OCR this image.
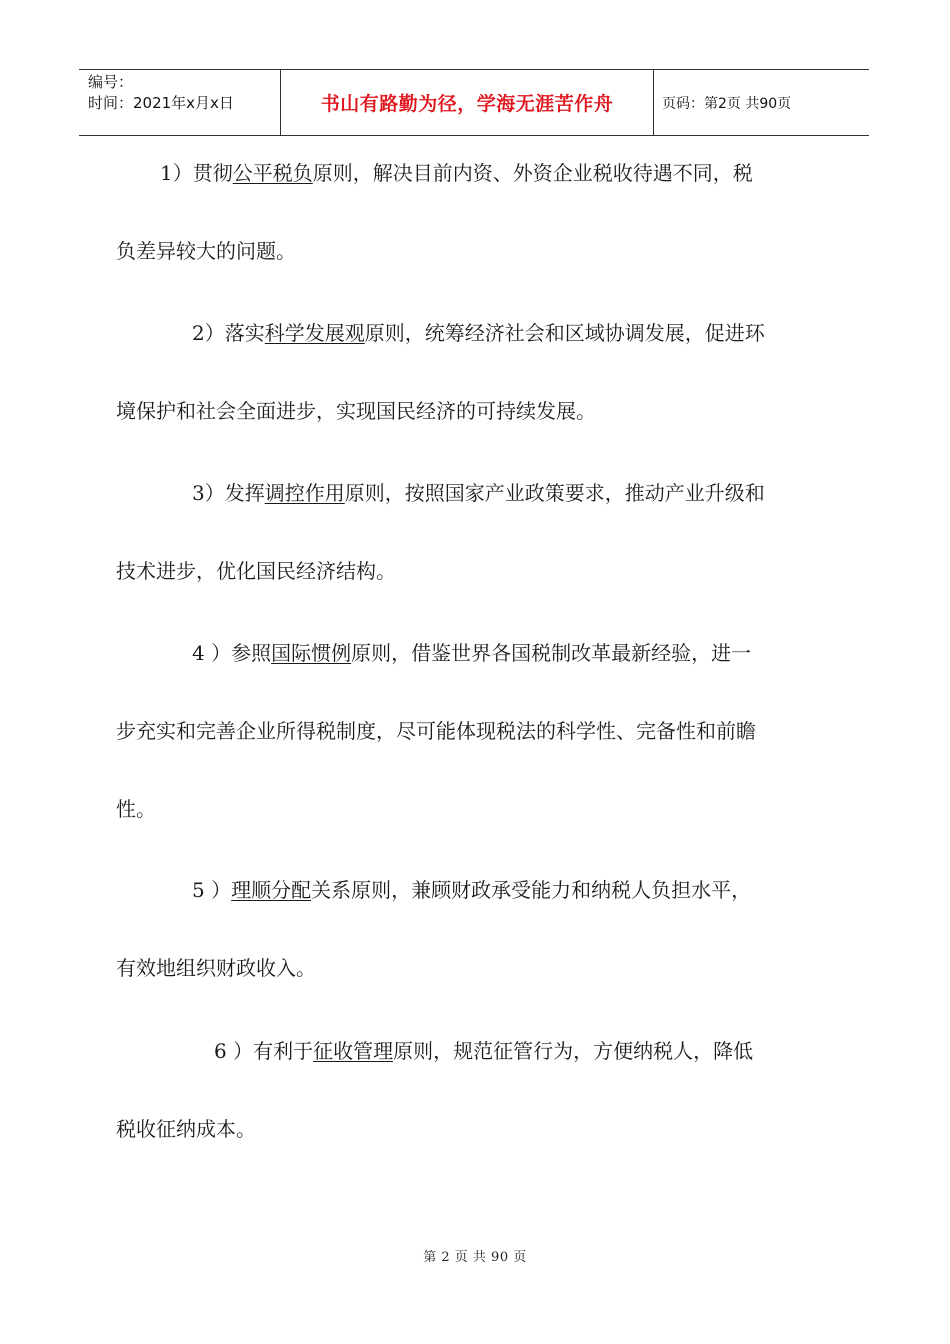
编号：
时间：2021年x月x日	书山有路勤为径，学海无涯苦作舟	页码：第2页 共90页
1）贯彻公平税负原则，解决目前内资、外资企业税收待遇不同，税
负差异较大的问题。
2）落实科学发展观原则，统筹经济社会和区域协调发展，促进环
境保护和社会全面进步，实现国民经济的可持续发展。
3）发挥调控作用原则，按照国家产业政策要求，推动产业升级和
技术进步，优化国民经济结构。
4 ）参照国际惯例原则，借鉴世界各国税制改革最新经验，进一
步充实和完善企业所得税制度，尽可能体现税法的科学性、完备性和前瞻
性。
5 ）理顺分配关系原则，兼顾财政承受能力和纳税人负担水平，
有效地组织财政收入。
6 ）有利于征收管理原则，规范征管行为，方便纳税人，降低
税收征纳成本。
第 2 页 共 90 页
